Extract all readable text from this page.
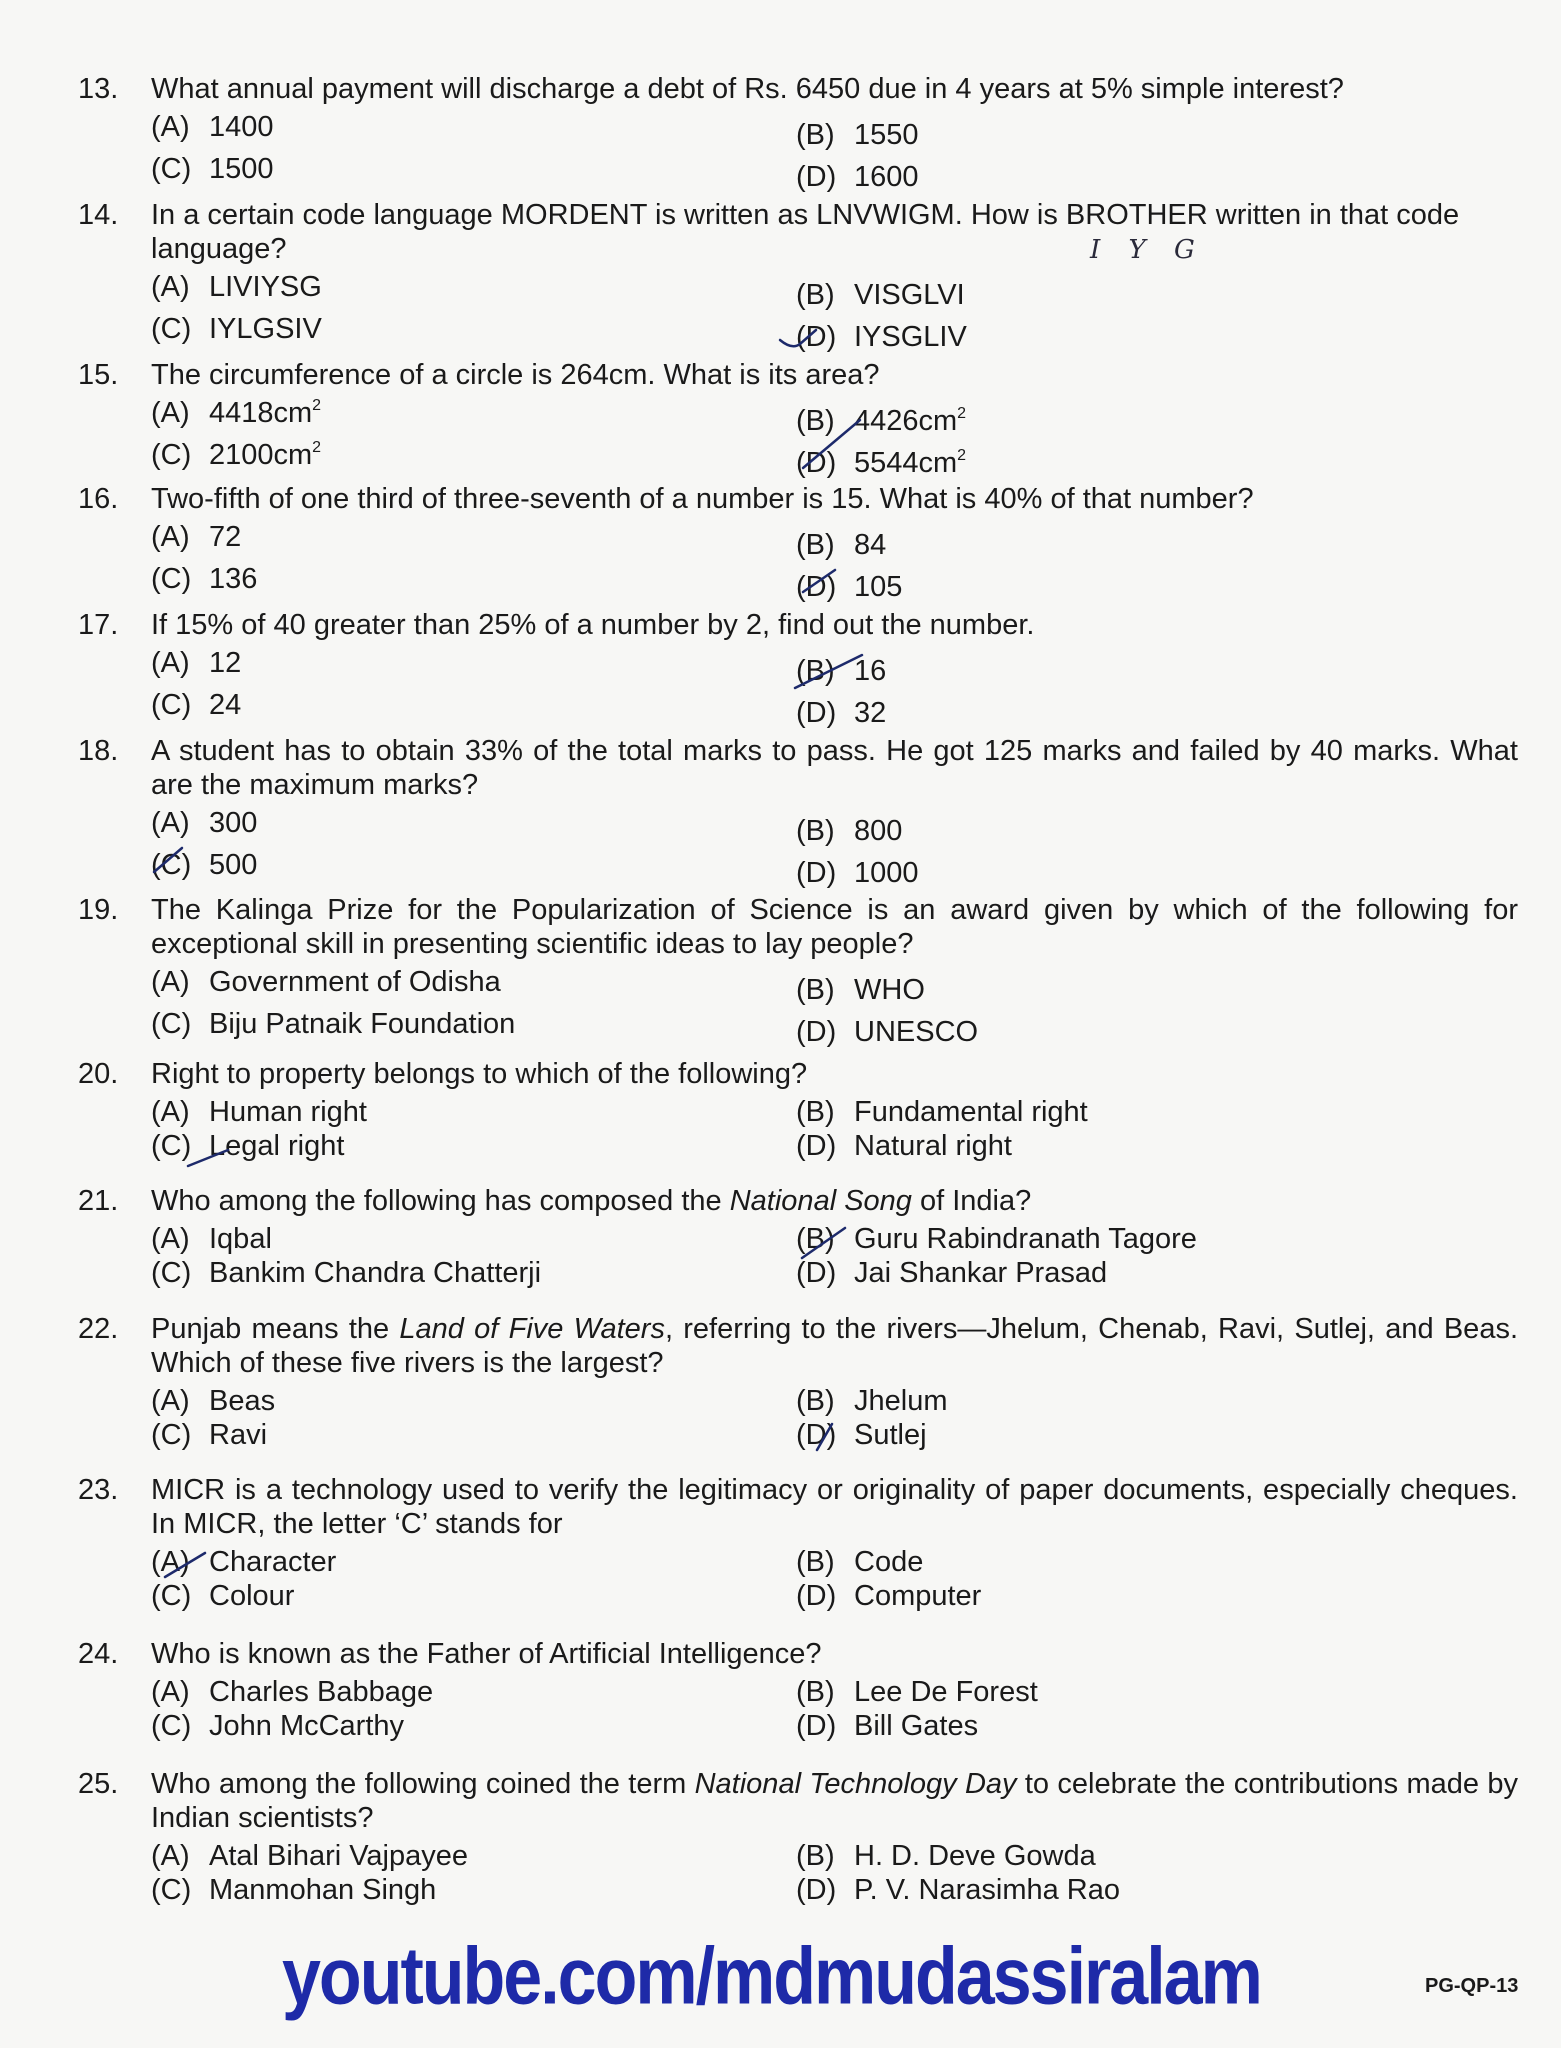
13.	What annual payment will discharge a debt of Rs. 6450 due in 4 years at 5% simple interest?
(A) 1400	(B) 1550
(C) 1500	(D) 1600
14.	In a certain code language MORDENT is written as LNVWIGM. How is BROTHER written in that code language?
(A) LIVIYSG	(B) VISGLVI
(C) IYLGSIV	(D) IYSGLIV
I Y G
15.	The circumference of a circle is 264cm. What is its area?
(A) $4418cm^2$	(B) $4426cm^2$
(C) $2100cm^2$	(D) $5544cm^2$
16.	Two-fifth of one third of three-seventh of a number is 15. What is 40% of that number?
(A) 72	(B) 84
(C) 136	(D) 105
17.	If 15% of 40 greater than 25% of a number by 2, find out the number.
(A) 12	(B) 16
(C) 24	(D) 32
18.	A student has to obtain 33% of the total marks to pass. He got 125 marks and failed by 40 marks. What are the maximum marks?
(A) 300	(B) 800
(C) 500	(D) 1000
19.	The Kalinga Prize for the Popularization of Science is an award given by which of the following for exceptional skill in presenting scientific ideas to lay people?
(A) Government of Odisha	(B) WHO
(C) Biju Patnaik Foundation	(D) UNESCO
20.	Right to property belongs to which of the following?
(A) Human right	(B) Fundamental right
(C) Legal right	(D) Natural right
21.	Who among the following has composed the National Song of India?
(A) Iqbal	(B) Guru Rabindranath Tagore
(C) Bankim Chandra Chatterji	(D) Jai Shankar Prasad
22.	Punjab means the Land of Five Waters, referring to the rivers—Jhelum, Chenab, Ravi, Sutlej, and Beas. Which of these five rivers is the largest?
(A) Beas	(B) Jhelum
(C) Ravi	(D) Sutlej
23.	MICR is a technology used to verify the legitimacy or originality of paper documents, especially cheques. In MICR, the letter ‘C’ stands for
(A) Character	(B) Code
(C) Colour	(D) Computer
24.	Who is known as the Father of Artificial Intelligence?
(A) Charles Babbage	(B) Lee De Forest
(C) John McCarthy	(D) Bill Gates
25.	Who among the following coined the term National Technology Day to celebrate the contributions made by Indian scientists?
(A) Atal Bihari Vajpayee	(B) H. D. Deve Gowda
(C) Manmohan Singh	(D) P. V. Narasimha Rao
youtube.com/mdmudassiralam	PG-QP-13
